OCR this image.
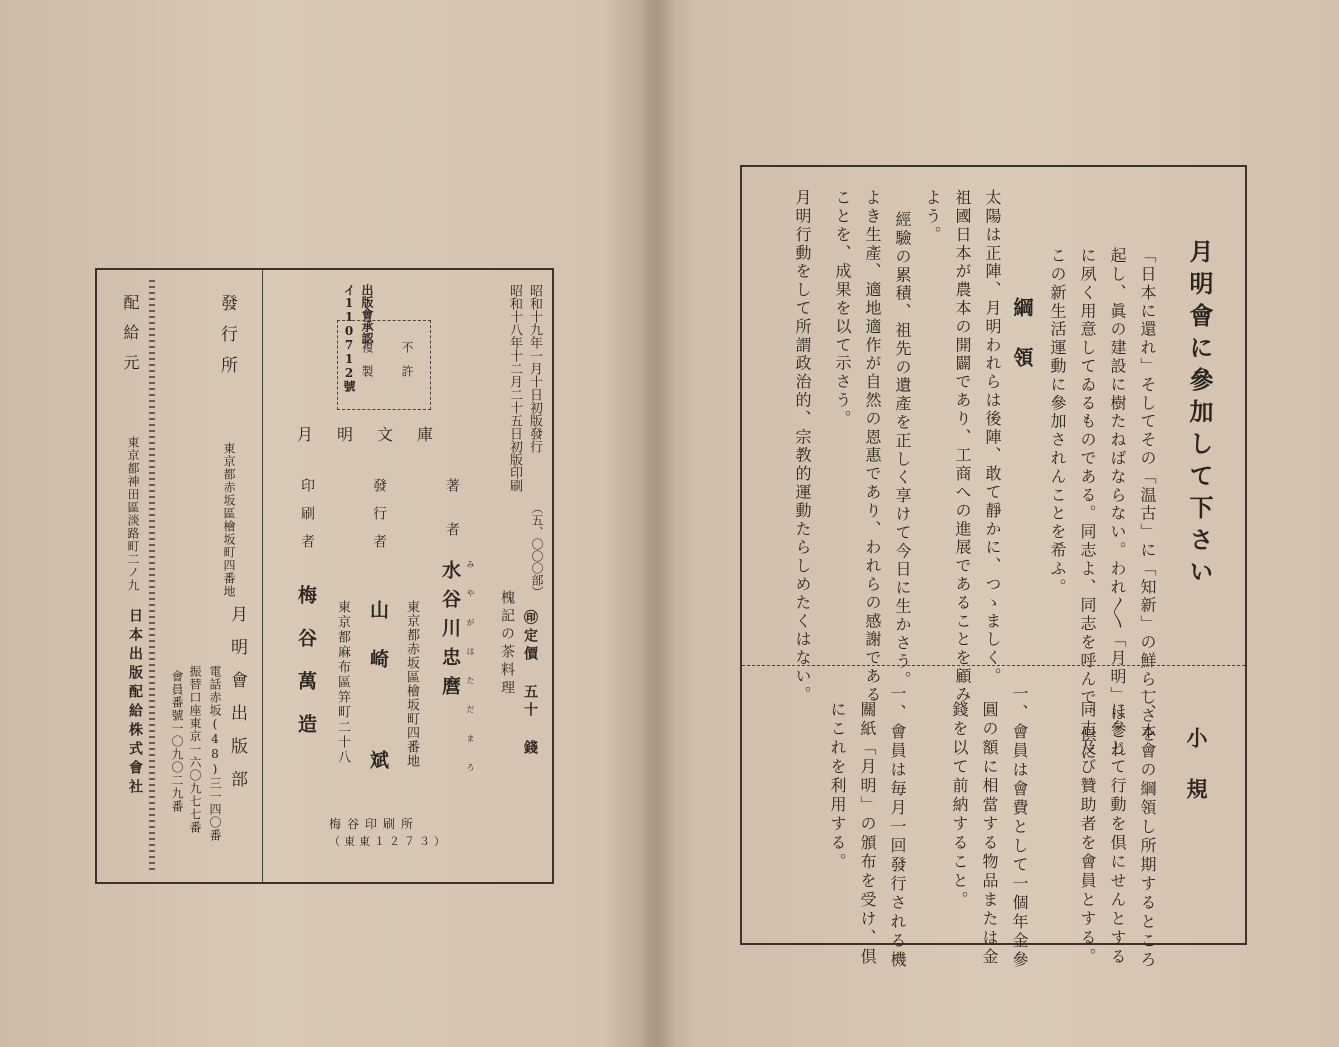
昭和十八年十二月二十五日初版印刷 昭和十九年一月十日初版發行
（五、〇〇〇部）
出版會承認
イ110712號	不許
複製
月明文庫
槐記の茶料理 ㊞定價 五十 錢
著者
水谷川忠麿 み や が は た だ ま ろ
東京都赤坂區檜坂町四番地
發行者
山崎 斌
東京都麻布區笄町二十八
印刷者
梅谷萬造
梅谷印刷所
（東東１２７３）
發行所
東京都赤坂區檜坂町四番地
月明會出版部
電話赤坂(48)三一四〇番
振替口座東京一六〇九七七番
會員番號一〇九〇二九番
配給元
東京都神田區淡路町二ノ九
日本出版配給株式會社
月明會に參加して下さい
「日本に還れ」そしてその「温古」に「知新」の鮮らしさを
起し、眞の建設に樹たねばならない。われ〳〵「月明」はこれ
に夙く用意してゐるものである。同志よ、同志を呼んで、倶に
この新生活運動に參加されんことを希ふ。
綱領
太陽は正陣、月明われらは後陣、敢て靜かに、つゝましく。
祖國日本が農本の開闢であり、工商への進展であることを顧み
よう。
經驗の累積、祖先の遺產を正しく享けて今日に生かさう。
よき生產、適地適作が自然の恩惠であり、われらの感謝である
ことを、成果を以て示さう。
月明行動をして所謂政治的、宗教的運動たらしめたくはない。
小規
一、本會の綱領し所期するところ
に參じて行動を倶にせんとする
同志及び贊助者を會員とする。
一、會員は會費として一個年金參
圓の額に相當する物品または金
錢を以て前納すること。
一、會員は毎月一回發行される機
關紙「月明」の頒布を受け、倶
にこれを利用する。
